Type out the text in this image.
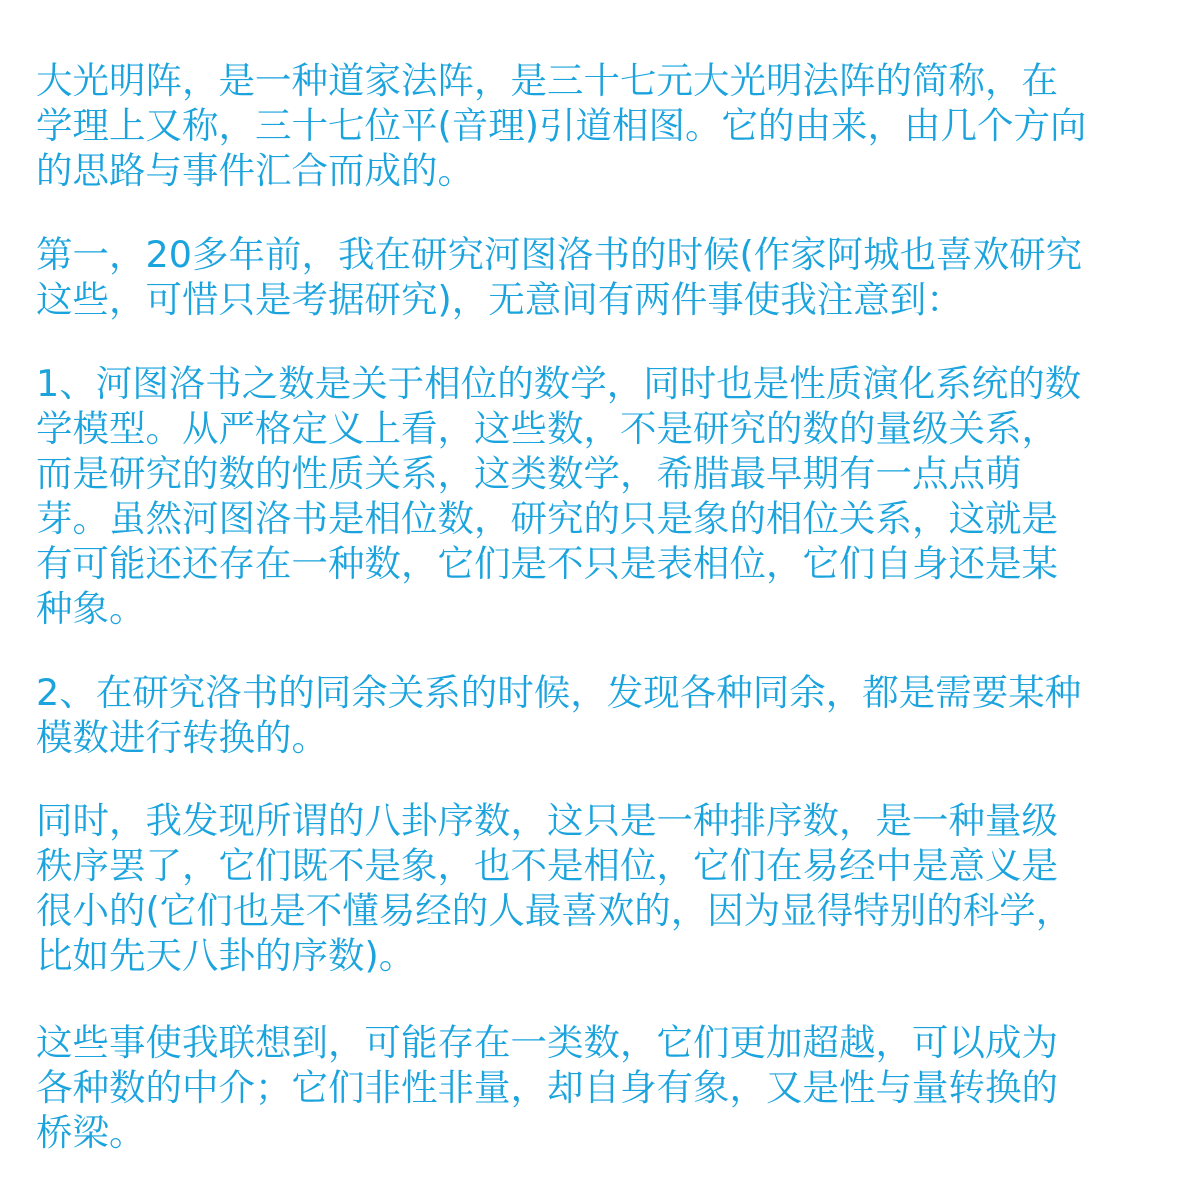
大光明阵，是一种道家法阵，是三十七元大光明法阵的简称，在
学理上又称，三十七位平(音理)引道相图。它的由来，由几个方向
的思路与事件汇合而成的。

第一，20多年前，我在研究河图洛书的时候(作家阿城也喜欢研究
这些，可惜只是考据研究)，无意间有两件事使我注意到：

1、河图洛书之数是关于相位的数学，同时也是性质演化系统的数
学模型。从严格定义上看，这些数，不是研究的数的量级关系，
而是研究的数的性质关系，这类数学，希腊最早期有一点点萌
芽。虽然河图洛书是相位数，研究的只是象的相位关系，这就是
有可能还还存在一种数，它们是不只是表相位，它们自身还是某
种象。

2、在研究洛书的同余关系的时候，发现各种同余，都是需要某种
模数进行转换的。

同时，我发现所谓的八卦序数，这只是一种排序数，是一种量级
秩序罢了，它们既不是象，也不是相位，它们在易经中是意义是
很小的(它们也是不懂易经的人最喜欢的，因为显得特别的科学，
比如先天八卦的序数)。

这些事使我联想到，可能存在一类数，它们更加超越，可以成为
各种数的中介；它们非性非量，却自身有象，又是性与量转换的
桥梁。
